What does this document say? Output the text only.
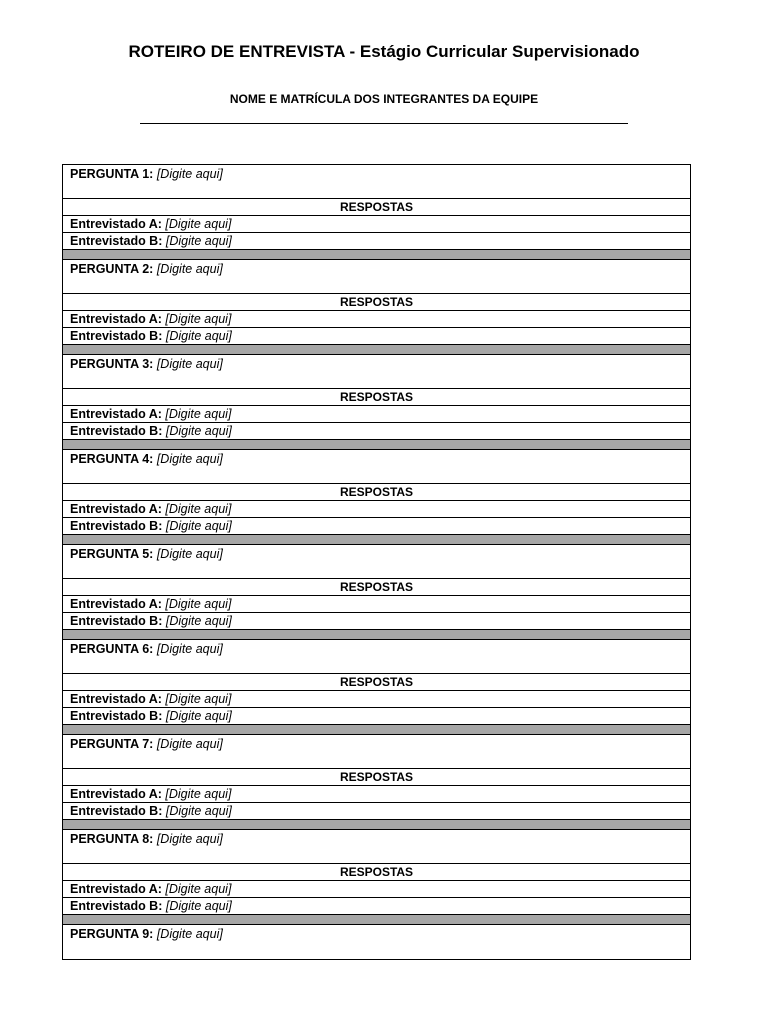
ROTEIRO DE ENTREVISTA - Estágio Curricular Supervisionado
NOME E MATRÍCULA DOS INTEGRANTES DA EQUIPE
PERGUNTA 1: [Digite aqui]
RESPOSTAS
Entrevistado A: [Digite aqui]
Entrevistado B: [Digite aqui]
PERGUNTA 2: [Digite aqui]
RESPOSTAS
Entrevistado A: [Digite aqui]
Entrevistado B: [Digite aqui]
PERGUNTA 3: [Digite aqui]
RESPOSTAS
Entrevistado A: [Digite aqui]
Entrevistado B: [Digite aqui]
PERGUNTA 4: [Digite aqui]
RESPOSTAS
Entrevistado A: [Digite aqui]
Entrevistado B: [Digite aqui]
PERGUNTA 5: [Digite aqui]
RESPOSTAS
Entrevistado A: [Digite aqui]
Entrevistado B: [Digite aqui]
PERGUNTA 6: [Digite aqui]
RESPOSTAS
Entrevistado A: [Digite aqui]
Entrevistado B: [Digite aqui]
PERGUNTA 7: [Digite aqui]
RESPOSTAS
Entrevistado A: [Digite aqui]
Entrevistado B: [Digite aqui]
PERGUNTA 8: [Digite aqui]
RESPOSTAS
Entrevistado A: [Digite aqui]
Entrevistado B: [Digite aqui]
PERGUNTA 9: [Digite aqui]
